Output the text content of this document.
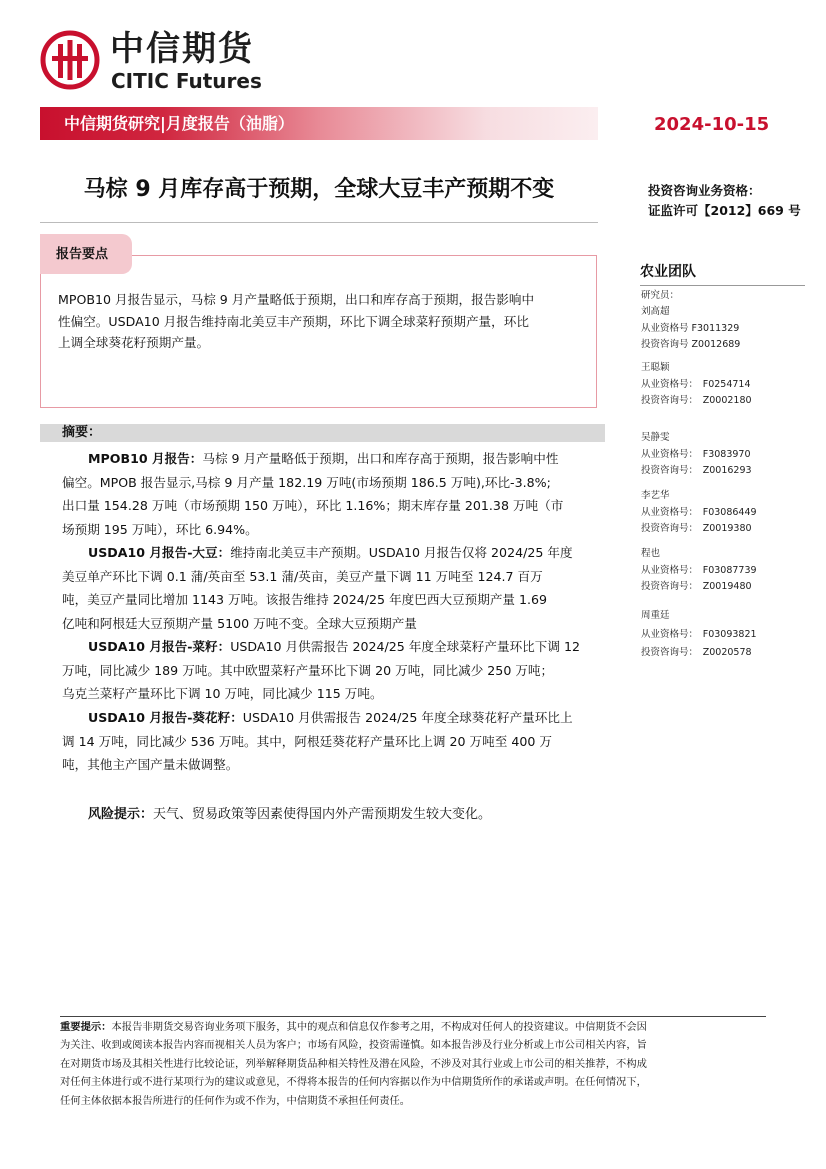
中信期货
CITIC Futures
中信期货研究|月度报告（油脂）	2024-10-15
马棕 9 月库存高于预期，全球大豆丰产预期不变	投资咨询业务资格：
证监许可【2012】669 号
报告要点
MPOB10 月报告显示，马棕 9 月产量略低于预期，出口和库存高于预期，报告影响中
性偏空。USDA10 月报告维持南北美豆丰产预期，环比下调全球菜籽预期产量，环比
上调全球葵花籽预期产量。
摘要：
MPOB10 月报告：马棕 9 月产量略低于预期，出口和库存高于预期，报告影响中性
偏空。MPOB 报告显示,马棕 9 月产量 182.19 万吨(市场预期 186.5 万吨),环比-3.8%;
出口量 154.28 万吨（市场预期 150 万吨），环比 1.16%；期末库存量 201.38 万吨（市
场预期 195 万吨），环比 6.94%。
USDA10 月报告-大豆：维持南北美豆丰产预期。USDA10 月报告仅将 2024/25 年度
美豆单产环比下调 0.1 蒲/英亩至 53.1 蒲/英亩，美豆产量下调 11 万吨至 124.7 百万
吨，美豆产量同比增加 1143 万吨。该报告维持 2024/25 年度巴西大豆预期产量 1.69
亿吨和阿根廷大豆预期产量 5100 万吨不变。全球大豆预期产量
USDA10 月报告-菜籽：USDA10 月供需报告 2024/25 年度全球菜籽产量环比下调 12
万吨，同比减少 189 万吨。其中欧盟菜籽产量环比下调 20 万吨，同比减少 250 万吨；
乌克兰菜籽产量环比下调 10 万吨，同比减少 115 万吨。
USDA10 月报告-葵花籽：USDA10 月供需报告 2024/25 年度全球葵花籽产量环比上
调 14 万吨，同比减少 536 万吨。其中，阿根廷葵花籽产量环比上调 20 万吨至 400 万
吨，其他主产国产量未做调整。
风险提示：天气、贸易政策等因素使得国内外产需预期发生较大变化。
农业团队
研究员：
刘高超
从业资格号 F3011329
投资咨询号 Z0012689
王聪颖
从业资格号：　F0254714
投资咨询号：　Z0002180
吴静雯
从业资格号：　F3083970
投资咨询号：　Z0016293
李艺华
从业资格号：　F03086449
投资咨询号：　Z0019380
程也
从业资格号：　F03087739
投资咨询号：　Z0019480
周重廷
从业资格号：　F03093821
投资咨询号：　Z0020578
重要提示：本报告非期货交易咨询业务项下服务，其中的观点和信息仅作参考之用，不构成对任何人的投资建议。中信期货不会因
为关注、收到或阅读本报告内容而视相关人员为客户；市场有风险，投资需谨慎。如本报告涉及行业分析或上市公司相关内容，旨
在对期货市场及其相关性进行比较论证，列举解释期货品种相关特性及潜在风险，不涉及对其行业或上市公司的相关推荐，不构成
对任何主体进行或不进行某项行为的建议或意见，不得将本报告的任何内容据以作为中信期货所作的承诺或声明。在任何情况下，
任何主体依据本报告所进行的任何作为或不作为，中信期货不承担任何责任。
